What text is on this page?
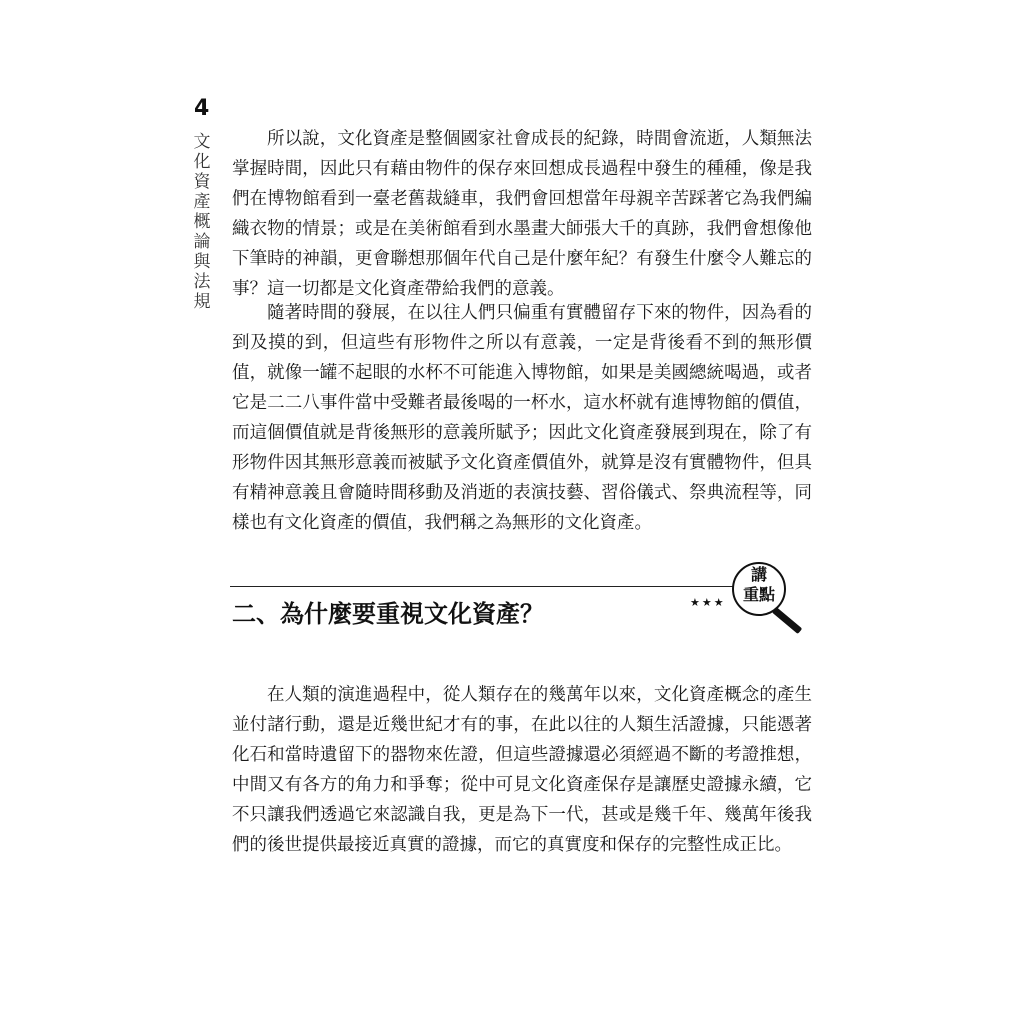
4
文
化
資
產
概
論
與
法
規

所以說，文化資產是整個國家社會成長的紀錄，時間會流逝，人類無法掌握時間，因此只有藉由物件的保存來回想成長過程中發生的種種，像是我們在博物館看到一臺老舊裁縫車，我們會回想當年母親辛苦踩著它為我們編織衣物的情景；或是在美術館看到水墨畫大師張大千的真跡，我們會想像他下筆時的神韻，更會聯想那個年代自己是什麼年紀？有發生什麼令人難忘的事？這一切都是文化資產帶給我們的意義。

隨著時間的發展，在以往人們只偏重有實體留存下來的物件，因為看的到及摸的到，但這些有形物件之所以有意義，一定是背後看不到的無形價值，就像一罐不起眼的水杯不可能進入博物館，如果是美國總統喝過，或者它是二二八事件當中受難者最後喝的一杯水，這水杯就有進博物館的價值，而這個價值就是背後無形的意義所賦予；因此文化資產發展到現在，除了有形物件因其無形意義而被賦予文化資產價值外，就算是沒有實體物件，但具有精神意義且會隨時間移動及消逝的表演技藝、習俗儀式、祭典流程等，同樣也有文化資產的價值，我們稱之為無形的文化資產。

二、為什麼要重視文化資產？	★★★
講
重點

在人類的演進過程中，從人類存在的幾萬年以來，文化資產概念的產生並付諸行動，還是近幾世紀才有的事，在此以往的人類生活證據，只能憑著化石和當時遺留下的器物來佐證，但這些證據還必須經過不斷的考證推想，中間又有各方的角力和爭奪；從中可見文化資產保存是讓歷史證據永續，它不只讓我們透過它來認識自我，更是為下一代，甚或是幾千年、幾萬年後我們的後世提供最接近真實的證據，而它的真實度和保存的完整性成正比。
